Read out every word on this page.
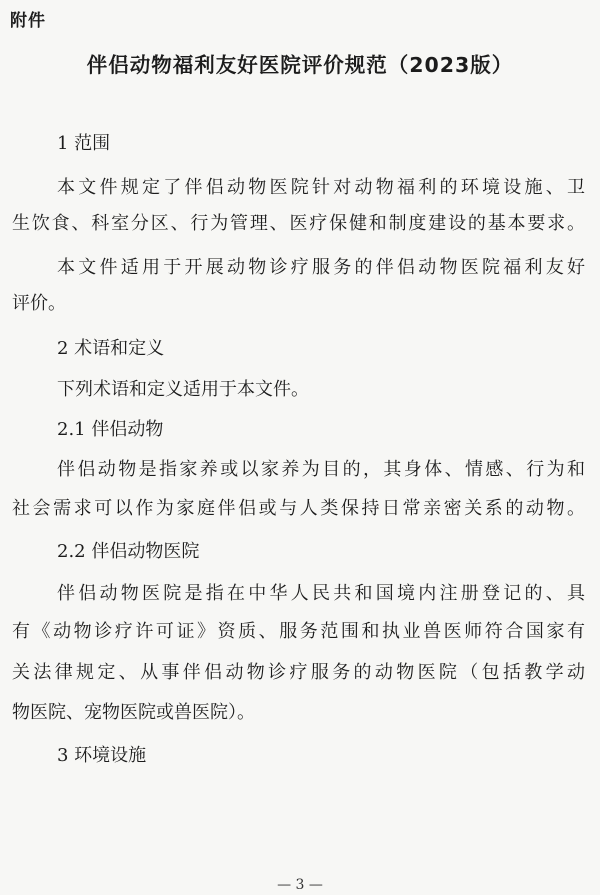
附件
伴侣动物福利友好医院评价规范（2023版）
1 范围
本文件规定了伴侣动物医院针对动物福利的环境设施、卫
生饮食、科室分区、行为管理、医疗保健和制度建设的基本要求。
本文件适用于开展动物诊疗服务的伴侣动物医院福利友好
评价。
2 术语和定义
下列术语和定义适用于本文件。
2.1 伴侣动物
伴侣动物是指家养或以家养为目的，其身体、情感、行为和
社会需求可以作为家庭伴侣或与人类保持日常亲密关系的动物。
2.2 伴侣动物医院
伴侣动物医院是指在中华人民共和国境内注册登记的、具
有《动物诊疗许可证》资质、服务范围和执业兽医师符合国家有
关法律规定、从事伴侣动物诊疗服务的动物医院（包括教学动
物医院、宠物医院或兽医院）。
3 环境设施
— 3 —
